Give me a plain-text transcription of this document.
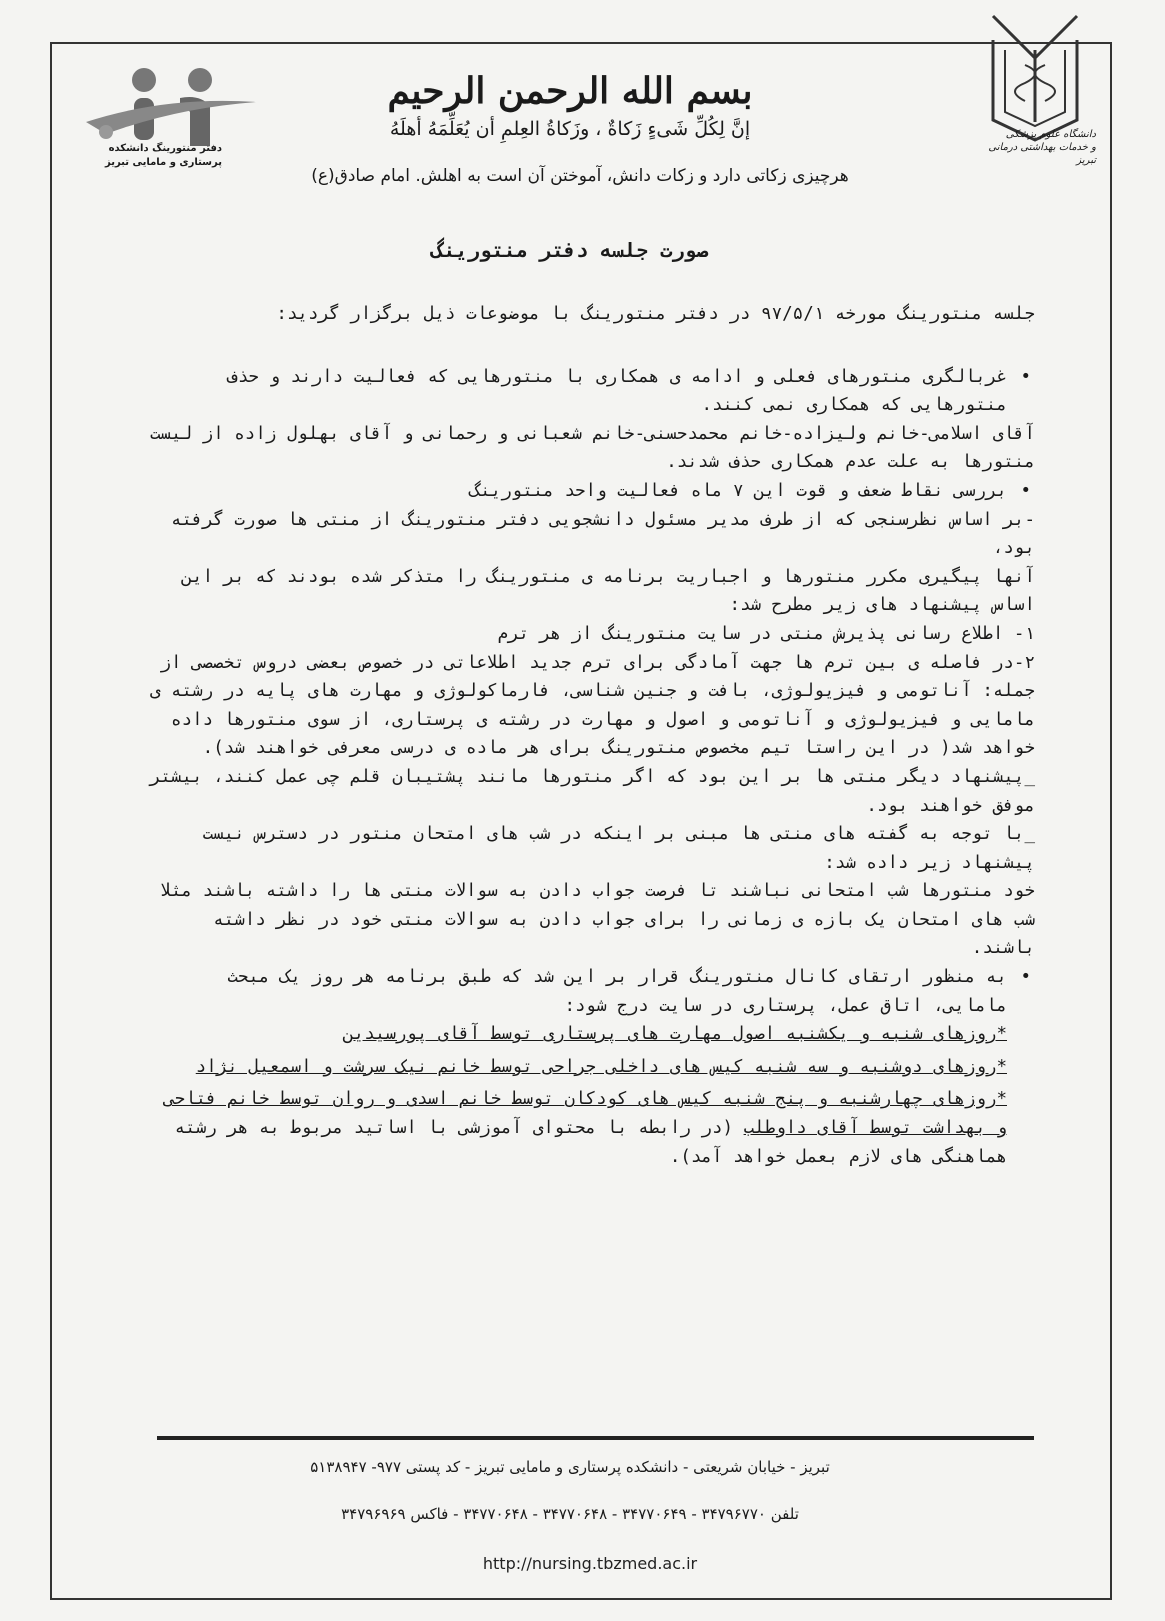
دفتر منتورینگ دانشکده
پرستاری و مامایی تبریز
دانشگاه علوم پزشکی
و خدمات بهداشتی درمانی تبریز
بسم الله الرحمن الرحیم
إنَّ لِکُلِّ شَیءٍ زَکاةٌ ، وزَکاةُ العِلمِ أن یُعَلِّمَهُ أهلَهُ
هرچیزی زکاتی دارد و زکات دانش، آموختن آن است به اهلش. امام صادق(ع)
صورت جلسه دفتر منتورینگ

جلسه منتورینگ مورخه ۹۷/۵/۱ در دفتر منتورینگ با موضوعات ذیل برگزار گردید:

•
غربالگری منتورهای فعلی و ادامه ی همکاری با منتورهایی که فعالیت دارند و حذف منتورهایی که همکاری نمی کنند.

آقای اسلامی-خانم ولیزاده-خانم محمدحسنی-خانم شعبانی و رحمانی و آقای بهلول زاده از لیست منتورها به علت عدم همکاری حذف شدند.

•
بررسی نقاط ضعف و قوت این ۷ ماه فعالیت واحد منتورینگ

-بر اساس نظرسنجی که از طرف مدیر مسئول دانشجویی دفتر منتورینگ از منتی ها صورت گرفته بود،

آنها پیگیری مکرر منتورها و اجباریت برنامه ی منتورینگ را متذکر شده بودند که بر این اساس پیشنهاد های زیر مطرح شد:

۱- اطلاع رسانی پذیرش منتی در سایت منتورینگ از هر ترم

۲-در فاصله ی بین ترم ها جهت آمادگی برای ترم جدید اطلاعاتی در خصوص بعضی دروس تخصصی از جمله: آناتومی و فیزیولوژی، بافت و جنین شناسی، فارماکولوژی و مهارت های پایه در رشته ی مامایی و فیزیولوژی و آناتومی و اصول و مهارت در رشته ی پرستاری، از سوی منتورها داده خواهد شد( در این راستا تیم مخصوص منتورینگ برای هر ماده ی درسی معرفی خواهند شد).

_پیشنهاد دیگر منتی ها بر این بود که اگر منتورها مانند پشتیبان قلم چی عمل کنند، بیشتر موفق خواهند بود.

_با توجه به گفته های منتی ها مبنی بر اینکه در شب های امتحان منتور در دسترس نیست پیشنهاد زیر داده شد:

خود منتورها شب امتحانی نباشند تا فرصت جواب دادن به سوالات منتی ها را داشته باشند مثلا شب های امتحان یک بازه ی زمانی را برای جواب دادن به سوالات منتی خود در نظر داشته باشند.

•
به منظور ارتقای کانال منتورینگ قرار بر این شد که طبق برنامه هر روز یک مبحث مامایی، اتاق عمل، پرستاری در سایت درج شود:

*روزهای شنبه و یکشنبه اصول مهارت های پرستاری توسط آقای پورسیدین

*روزهای دوشنبه و سه شنبه کیس های داخلی جراحی توسط خانم نیک سرشت و اسمعیل نژاد

*روزهای چهارشنبه و پنج شنبه کیس های کودکان توسط خانم اسدی و روان توسط خانم فتاحی و بهداشت توسط آقای داوطلب (در رابطه با محتوای آموزشی با اساتید مربوط به هر رشته هماهنگی های لازم بعمل خواهد آمد).

تبریز - خیابان شریعتی - دانشکده پرستاری و مامایی تبریز - کد پستی ۹۷۷- ۵۱۳۸۹۴۷
تلفن ۳۴۷۹۶۷۷۰ - ۳۴۷۷۰۶۴۹ - ۳۴۷۷۰۶۴۸ - ۳۴۷۷۰۶۴۸ - فاکس ۳۴۷۹۶۹۶۹
http://nursing.tbzmed.ac.ir
